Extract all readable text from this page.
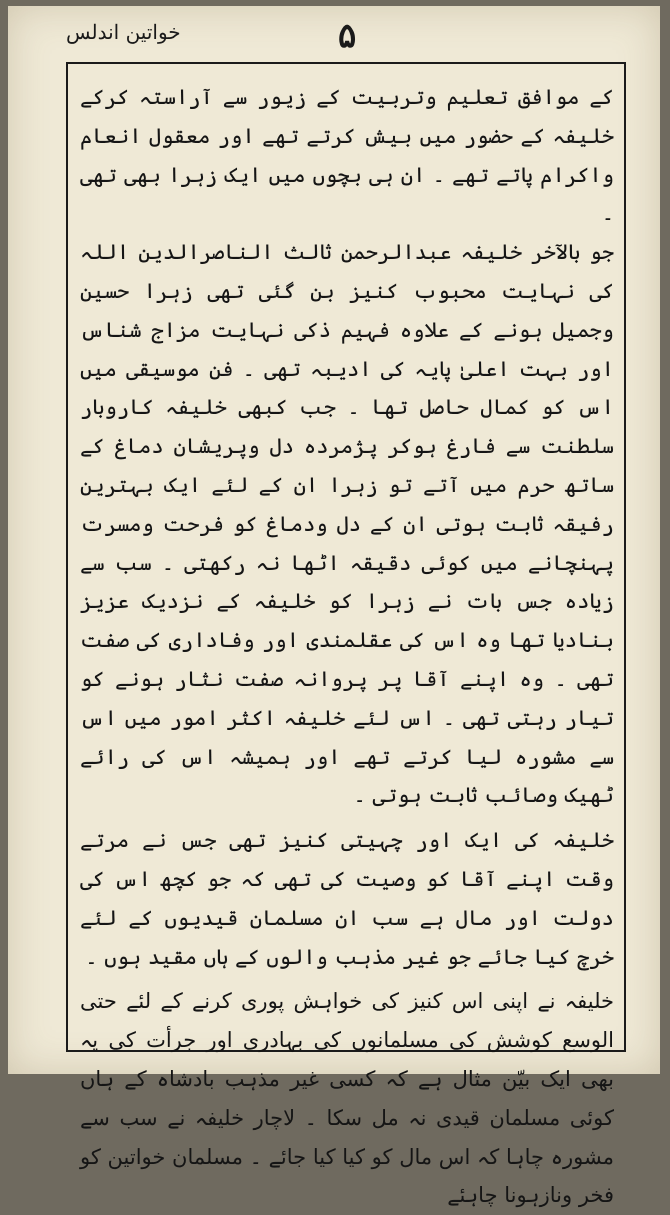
خواتین اندلس	۵

کے موافق تعلیم وتربیت کے زیور سے آراستہ کرکے خلیفہ کے حضور میں بیش کرتے تھے اور معقول انعام واکرام پاتے تھے ۔ ان ہی بچوں میں ایک زہرا بھی تھی ۔

جو بالآخر خلیفہ عبدالرحمن ثالث الناصرالدین اللہ کی نہایت محبوب کنیز بن گئی تھی زہرا حسین وجمیل ہونے کے علاوہ فہیم ذکی نہایت مزاج شناس اور بہت اعلیٰ پایہ کی ادیبہ تھی ۔ فن موسیقی میں اس کو کمال حاصل تھا ۔ جب کبھی خلیفہ کاروبار سلطنت سے فارغ ہوکر پژمردہ دل وپریشان دماغ کے ساتھ حرم میں آتے تو زہرا ان کے لئے ایک بہترین رفیقہ ثابت ہوتی ان کے دل ودماغ کو فرحت ومسرت پہنچانے میں کوئی دقیقہ اٹھا نہ رکھتی ۔ سب سے زیادہ جس بات نے زہرا کو خلیفہ کے نزدیک عزیز بنادیا تھا وہ اس کی عقلمندی اور وفاداری کی صفت تھی ۔ وہ اپنے آقا پر پروانہ صفت نثار ہونے کو تیار رہتی تھی ۔ اس لئے خلیفہ اکثر امور میں اس سے مشورہ لیا کرتے تھے اور ہمیشہ اس کی رائے ٹھیک وصائب ثابت ہوتی ۔

خلیفہ کی ایک اور چہیتی کنیز تھی جس نے مرتے وقت اپنے آقا کو وصیت کی تھی کہ جو کچھ اس کی دولت اور مال ہے سب ان مسلمان قیدیوں کے لئے خرچ کیا جائے جو غیر مذہب والوں کے ہاں مقید ہوں ۔

خلیفہ نے اپنی اس کنیز کی خواہش پوری کرنے کے لئے حتی الوسع کوشش کی مسلمانوں کی بہادری اور جرأت کی یہ بھی ایک بیّن مثال ہے کہ کسی غیر مذہب بادشاہ کے ہاں کوئی مسلمان قیدی نہ مل سکا ۔ لاچار خلیفہ نے سب سے مشورہ چاہا کہ اس مال کو کیا کیا جائے ۔ مسلمان خواتین کو فخر ونازہونا چاہئے
